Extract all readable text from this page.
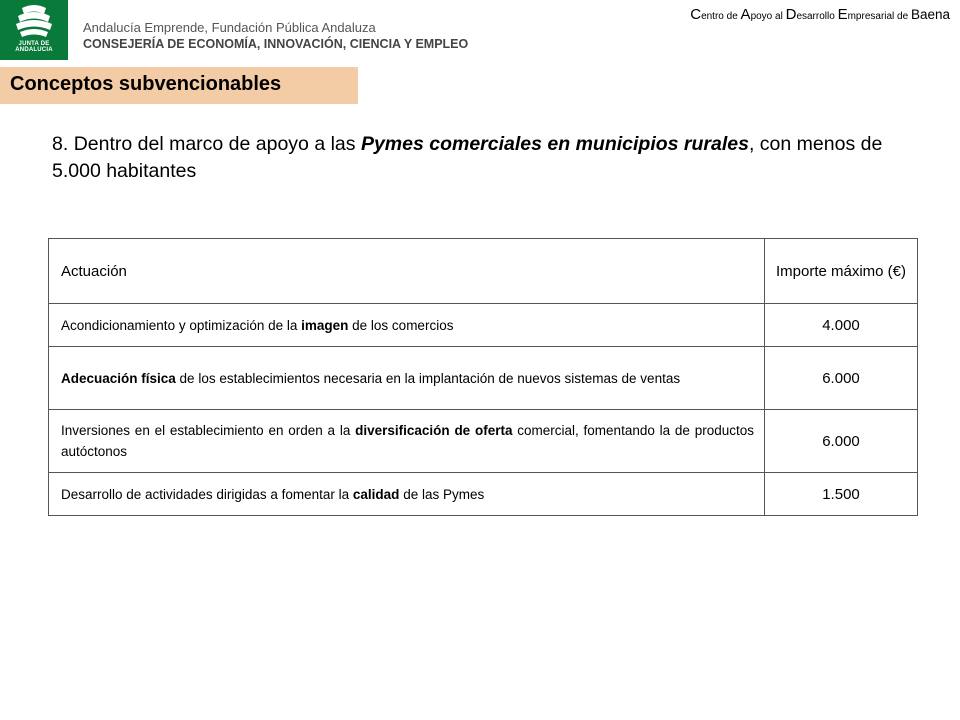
JUNTA DE ANDALUCIA
Andalucía Emprende, Fundación Pública Andaluza
CONSEJERÍA DE ECONOMÍA, INNOVACIÓN, CIENCIA Y EMPLEO
Centro de Apoyo al Desarrollo Empresarial de Baena
Conceptos subvencionables
8. Dentro del marco de apoyo a las Pymes comerciales en municipios rurales, con menos de 5.000 habitantes
Actuación	Importe máximo (€)
Acondicionamiento y optimización de la imagen de los comercios	4.000
Adecuación física de los establecimientos necesaria en la implantación de nuevos sistemas de ventas	6.000
Inversiones en el establecimiento en orden a la diversificación de oferta comercial, fomentando la de productos autóctonos	6.000
Desarrollo de actividades dirigidas a fomentar la calidad de las Pymes	1.500
